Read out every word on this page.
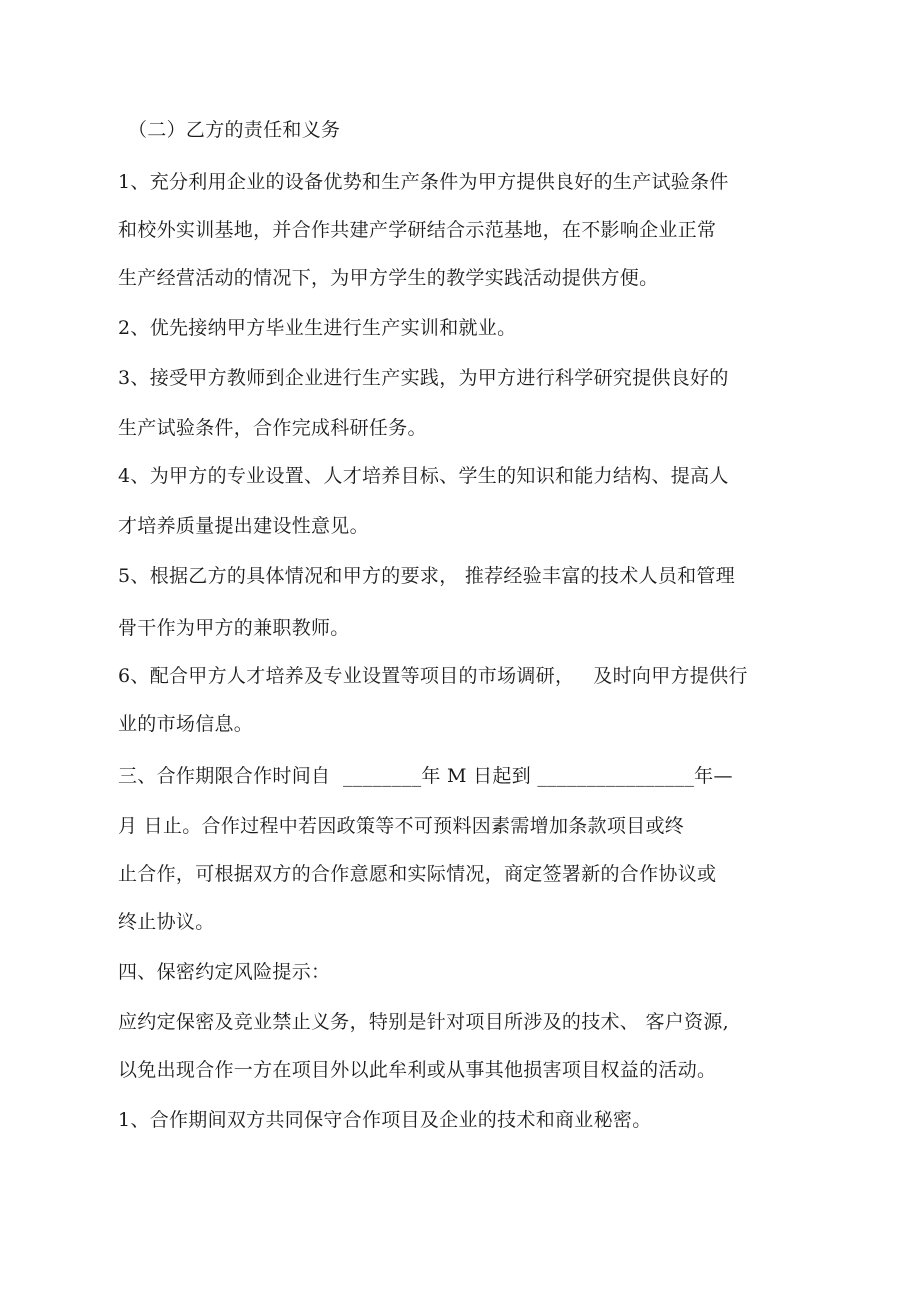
（二）乙方的责任和义务
1、充分利用企业的设备优势和生产条件为甲方提供良好的生产试验条件
和校外实训基地，并合作共建产学研结合示范基地，在不影响企业正常
生产经营活动的情况下，为甲方学生的教学实践活动提供方便。
2、优先接纳甲方毕业生进行生产实训和就业。
3、接受甲方教师到企业进行生产实践，为甲方进行科学研究提供良好的
生产试验条件，合作完成科研任务。
4、为甲方的专业设置、人才培养目标、学生的知识和能力结构、提高人
才培养质量提出建设性意见。
5、根据乙方的具体情况和甲方的要求， 推荐经验丰富的技术人员和管理
骨干作为甲方的兼职教师。
6、配合甲方人才培养及专业设置等项目的市场调研，   及时向甲方提供行
业的市场信息。
三、合作期限合作时间自  ________年 M 日起到 ________________年—
月 日止。合作过程中若因政策等不可预料因素需增加条款项目或终
止合作，可根据双方的合作意愿和实际情况，商定签署新的合作协议或
终止协议。
四、保密约定风险提示：
应约定保密及竞业禁止义务，特别是针对项目所涉及的技术、 客户资源,
以免出现合作一方在项目外以此牟利或从事其他损害项目权益的活动。
1、合作期间双方共同保守合作项目及企业的技术和商业秘密。
